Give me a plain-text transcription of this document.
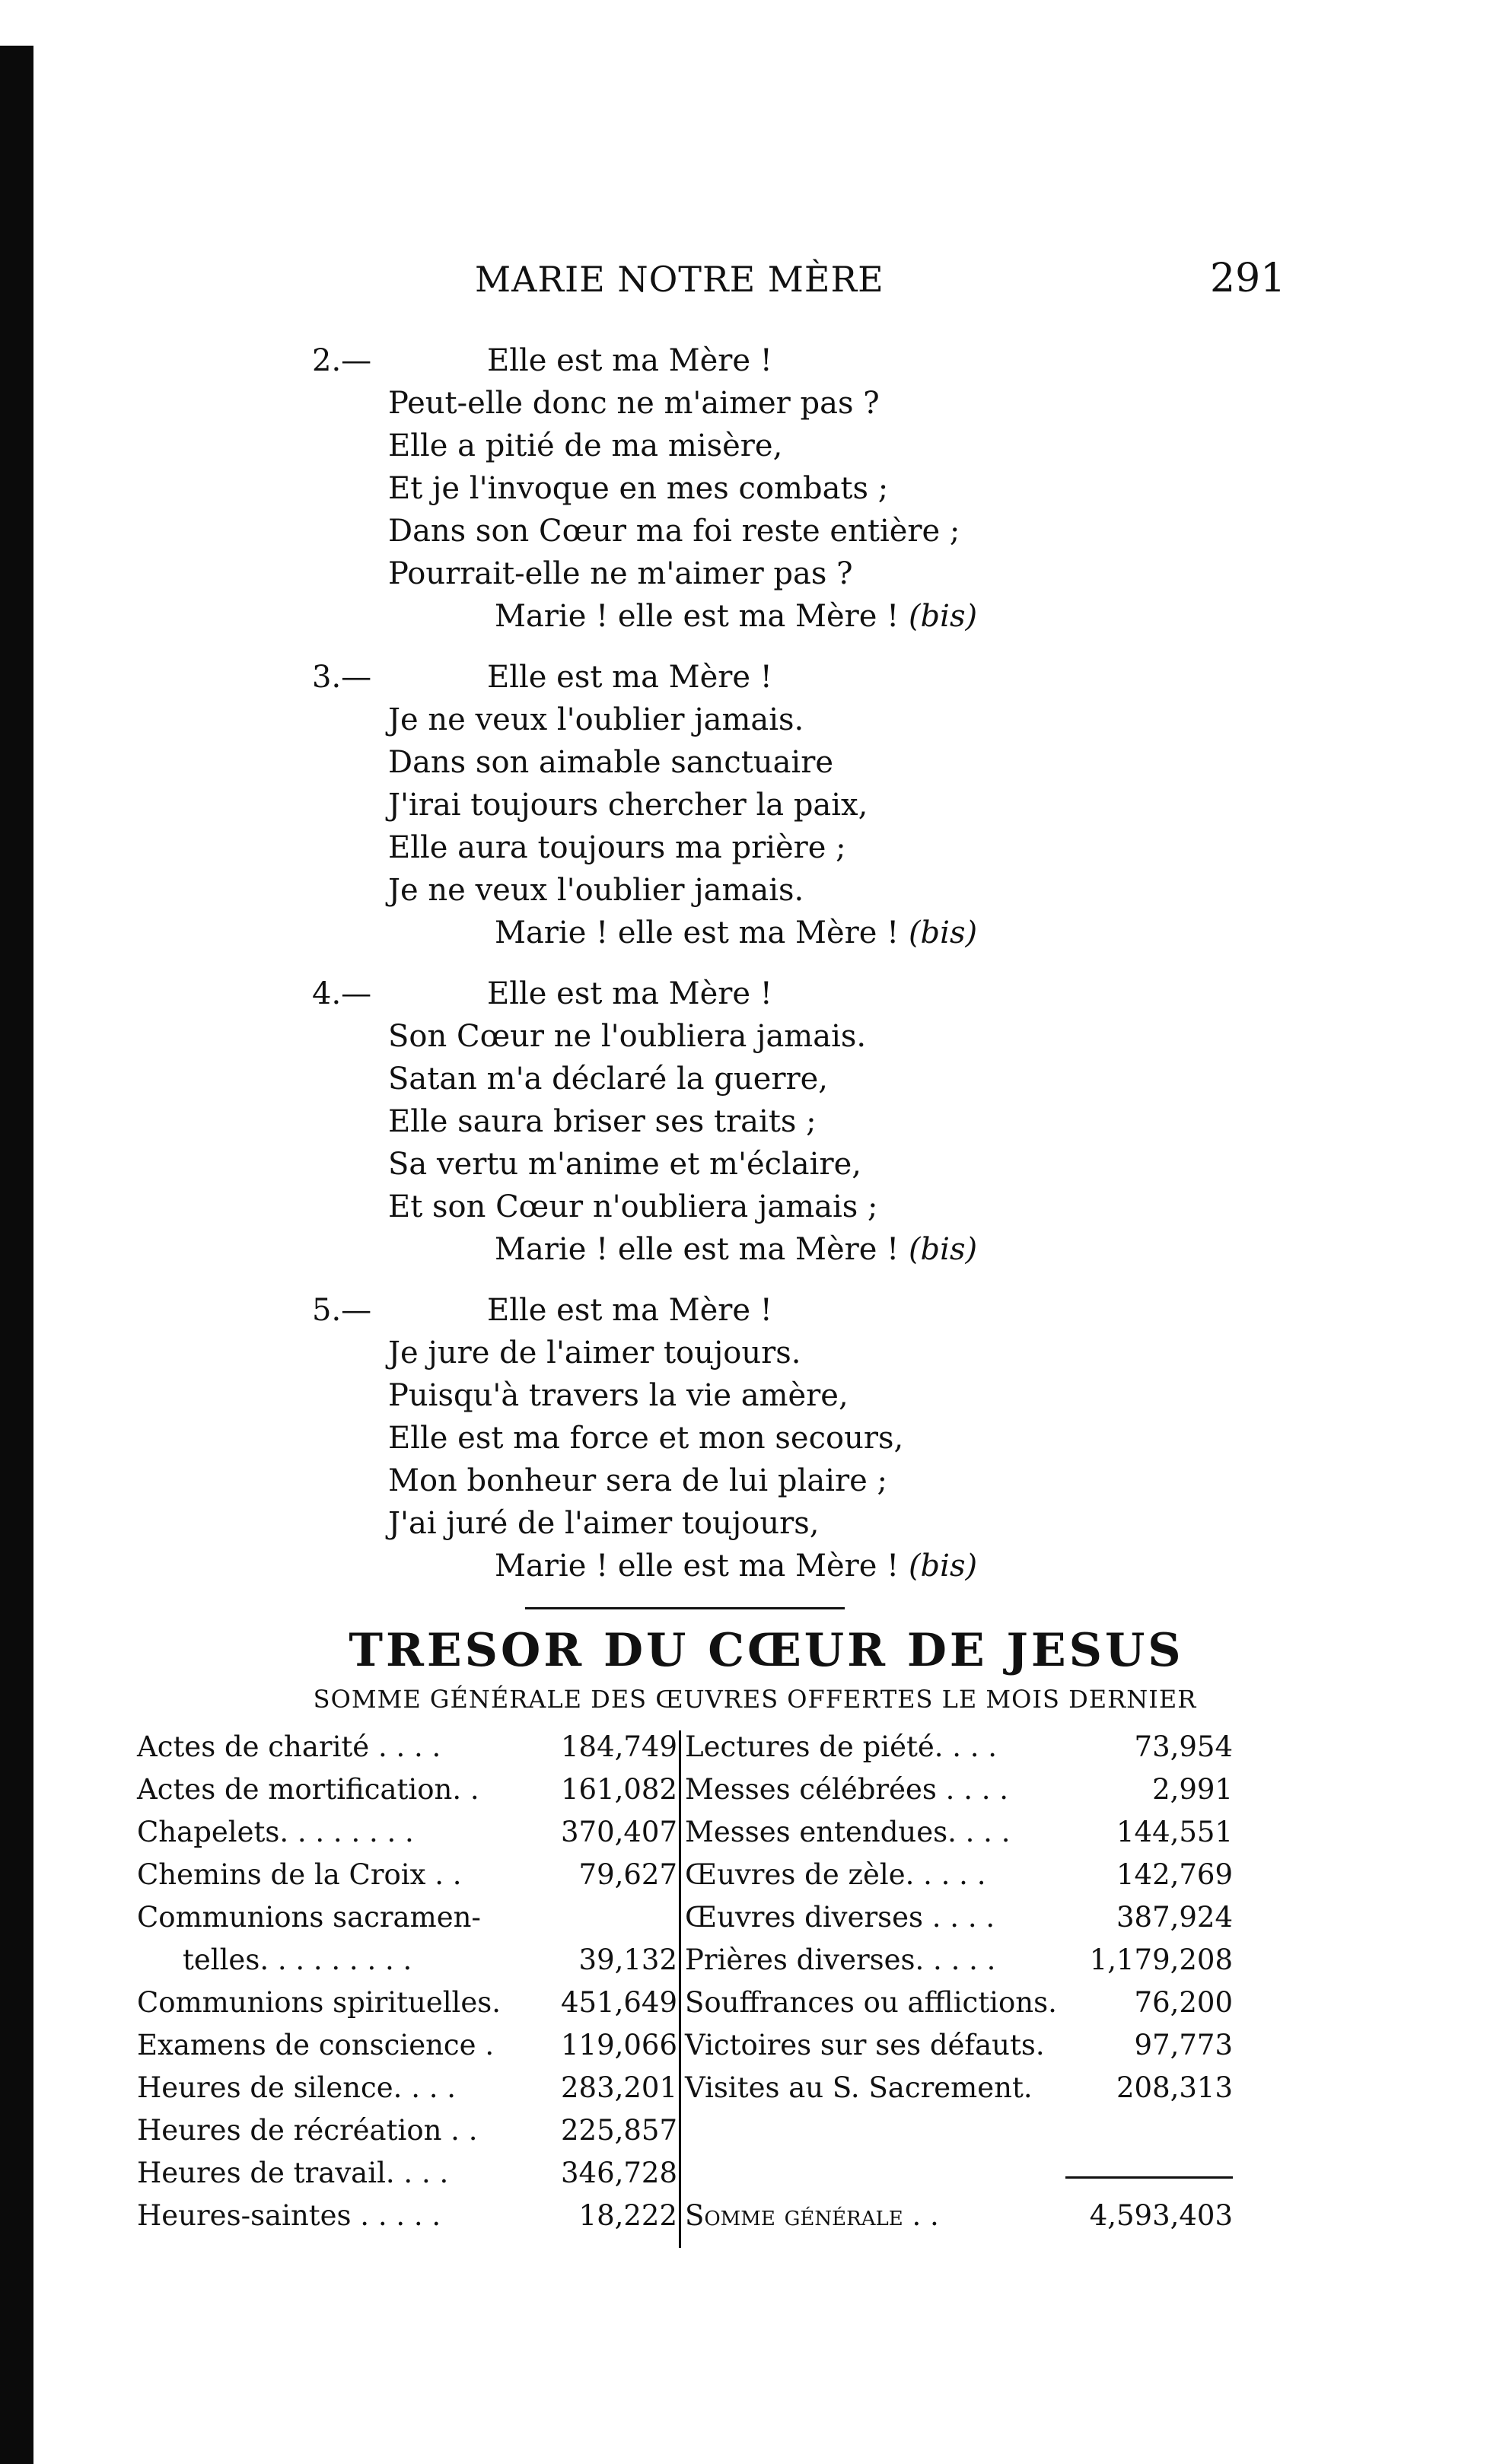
MARIE NOTRE MÈRE	291
2.—	Elle est ma Mère !
Peut-elle donc ne m'aimer pas ?
Elle a pitié de ma misère,
Et je l'invoque en mes combats ;
Dans son Cœur ma foi reste entière ;
Pourrait-elle ne m'aimer pas ?
Marie ! elle est ma Mère ! (bis)
3.—	Elle est ma Mère !
Je ne veux l'oublier jamais.
Dans son aimable sanctuaire
J'irai toujours chercher la paix,
Elle aura toujours ma prière ;
Je ne veux l'oublier jamais.
Marie ! elle est ma Mère ! (bis)
4.—	Elle est ma Mère !
Son Cœur ne l'oubliera jamais.
Satan m'a déclaré la guerre,
Elle saura briser ses traits ;
Sa vertu m'anime et m'éclaire,
Et son Cœur n'oubliera jamais ;
Marie ! elle est ma Mère ! (bis)
5.—	Elle est ma Mère !
Je jure de l'aimer toujours.
Puisqu'à travers la vie amère,
Elle est ma force et mon secours,
Mon bonheur sera de lui plaire ;
J'ai juré de l'aimer toujours,
Marie ! elle est ma Mère ! (bis)
TRESOR DU CŒUR DE JESUS
SOMME GÉNÉRALE DES ŒUVRES OFFERTES LE MOIS DERNIER
Actes de charité . . . .	184,749
Actes de mortification. .	161,082
Chapelets. . . . . . . .	370,407
Chemins de la Croix . .	79,627
Communions sacramen-
telles. . . . . . . . .	39,132
Communions spirituelles. 451,649
Examens de conscience . 119,066
Heures de silence. . . .	283,201
Heures de récréation . .	225,857
Heures de travail. . . .	346,728
Heures-saintes . . . . .	18,222
Lectures de piété. . . .	73,954
Messes célébrées . . . .	2,991
Messes entendues. . . .	144,551
Œuvres de zèle. . . . .	142,769
Œuvres diverses . . . .	387,924
Prières diverses. . . . .	1,179,208
Souffrances ou afflictions.	76,200
Victoires sur ses défauts.	97,773
Visites au S. Sacrement.	208,313
Somme générale . .	4,593,403
